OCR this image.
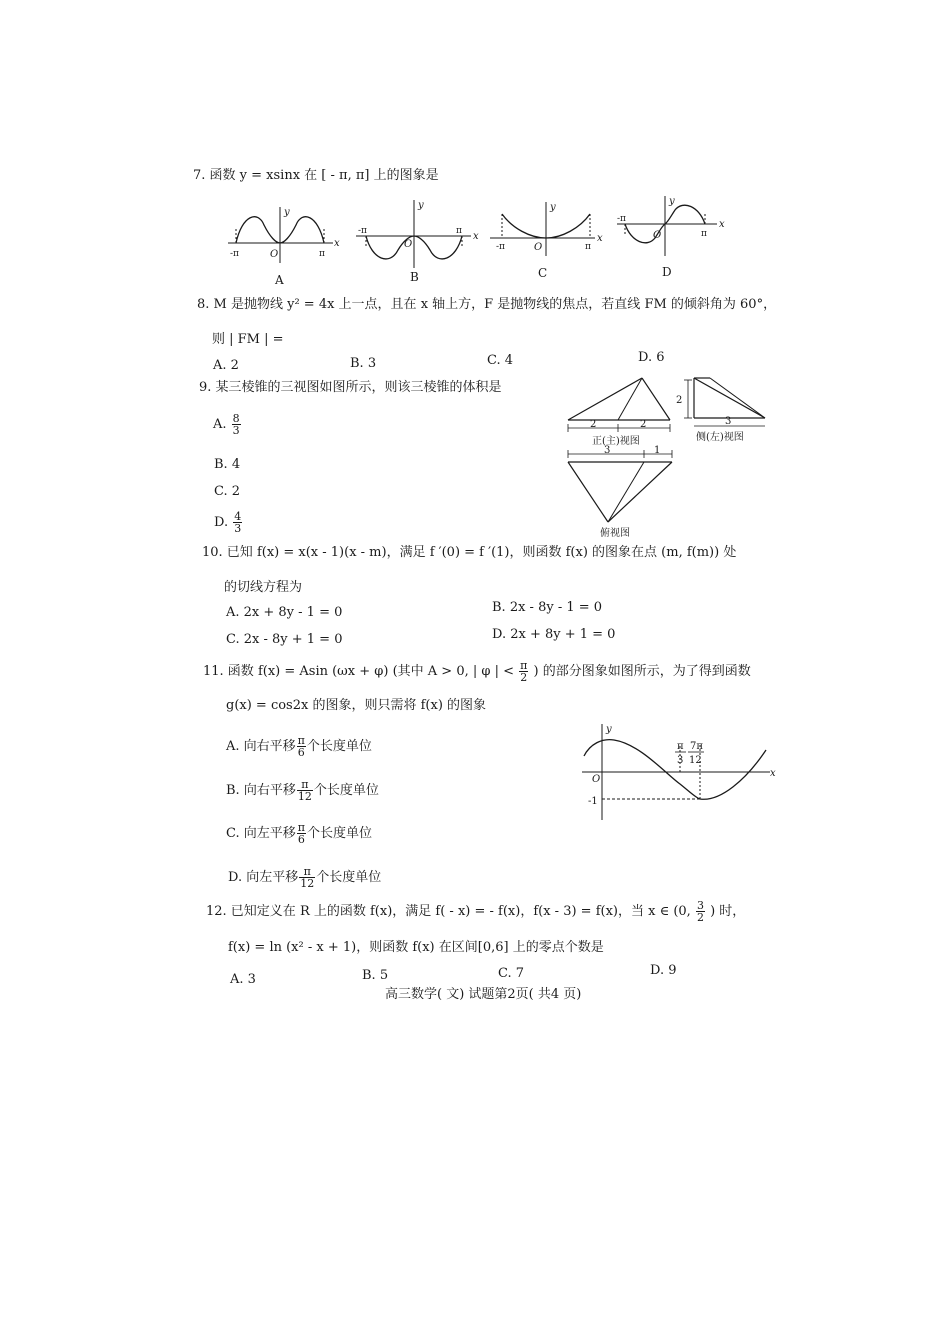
7. 函数 y = xsinx 在 [ - π, π] 上的图象是
y
x
O
-π	π
A
y
x
O
-π	π
B
y
x
O
-π	π
C
y
x
O
-π
π
D
8. M 是抛物线 y² = 4x 上一点，且在 x 轴上方，F 是抛物线的焦点，若直线 FM 的倾斜角为 60°，
则 | FM | =
A. 2	B. 3	C. 4	D. 6
9. 某三棱锥的三视图如图所示，则该三棱锥的体积是
A. $\frac{8}{3}$
B. 4
C. 2
D. $\frac{4}{3}$
2	2
正(主)视图
2
3
侧(左)视图
3	1
俯视图
10. 已知 f(x) = x(x - 1)(x - m)，满足 f ′(0) = f ′(1)，则函数 f(x) 的图象在点 (m, f(m)) 处
的切线方程为
A. 2x + 8y - 1 = 0	B. 2x - 8y - 1 = 0
C. 2x - 8y + 1 = 0	D. 2x + 8y + 1 = 0
11. 函数 f(x) = Asin (ωx + φ) (其中 A > 0, | φ | < $\frac{\pi}{2}$ ) 的部分图象如图所示，为了得到函数
g(x) = cos2x 的图象，则只需将 f(x) 的图象
A. 向右平移 $\frac{\pi}{6}$ 个长度单位
B. 向右平移 $\frac{\pi}{12}$ 个长度单位
C. 向左平移 $\frac{\pi}{6}$ 个长度单位
D. 向左平移 $\frac{\pi}{12}$ 个长度单位
y
x
O
-1
π
3
7π
12
12. 已知定义在 R 上的函数 f(x)，满足 f( - x) = - f(x)，f(x - 3) = f(x)，当 x ∈ (0, $\frac{3}{2}$ ) 时，
f(x) = ln (x² - x + 1)，则函数 f(x) 在区间[0,6] 上的零点个数是
A. 3	B. 5	C. 7	D. 9
高三数学( 文) 试题第2页( 共4 页)
